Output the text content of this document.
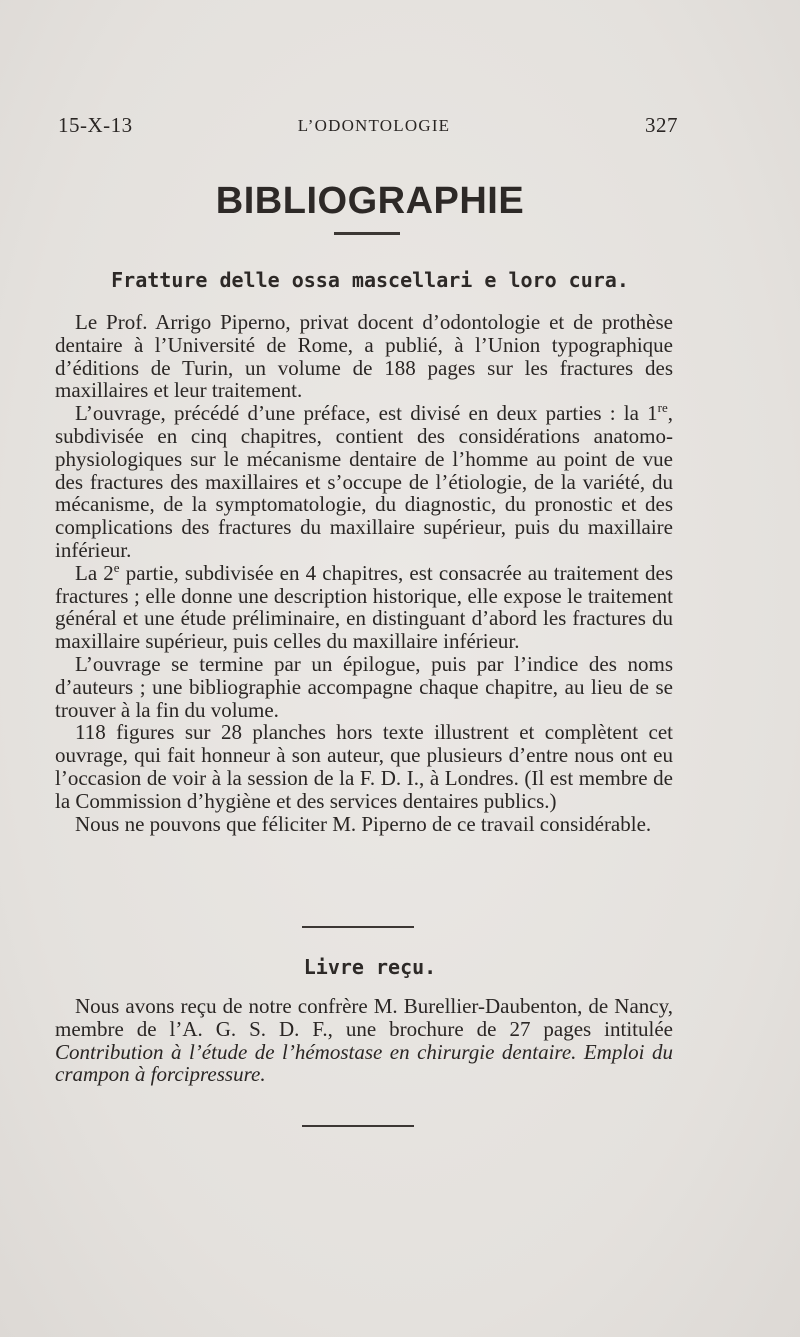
15-X-13	L’ODONTOLOGIE	327
BIBLIOGRAPHIE
Fratture delle ossa mascellari e loro cura.

Le Prof. Arrigo Piperno, privat docent d’odontologie et de prothèse dentaire à l’Université de Rome, a publié, à l’Union typographique d’éditions de Turin, un volume de 188 pages sur les fractures des maxillaires et leur traitement.

L’ouvrage, précédé d’une préface, est divisé en deux parties : la 1re, subdivisée en cinq chapitres, contient des considérations anatomo-physiologiques sur le mécanisme dentaire de l’homme au point de vue des fractures des maxillaires et s’occupe de l’étiologie, de la variété, du mécanisme, de la symptomatologie, du diagnostic, du pronostic et des complications des fractures du maxillaire supérieur, puis du maxillaire inférieur.

La 2e partie, subdivisée en 4 chapitres, est consacrée au traitement des fractures ; elle donne une description historique, elle expose le traitement général et une étude préliminaire, en distinguant d’abord les fractures du maxillaire supérieur, puis celles du maxillaire inférieur.

L’ouvrage se termine par un épilogue, puis par l’indice des noms d’auteurs ; une bibliographie accompagne chaque chapitre, au lieu de se trouver à la fin du volume.

118 figures sur 28 planches hors texte illustrent et complètent cet ouvrage, qui fait honneur à son auteur, que plusieurs d’entre nous ont eu l’occasion de voir à la session de la F. D. I., à Londres. (Il est membre de la Commission d’hygiène et des services dentaires publics.)

Nous ne pouvons que féliciter M. Piperno de ce travail considérable.

Livre reçu.

Nous avons reçu de notre confrère M. Burellier-Daubenton, de Nancy, membre de l’A. G. S. D. F., une brochure de 27 pages intitulée Contribution à l’étude de l’hémostase en chirurgie dentaire. Emploi du crampon à forcipressure.
